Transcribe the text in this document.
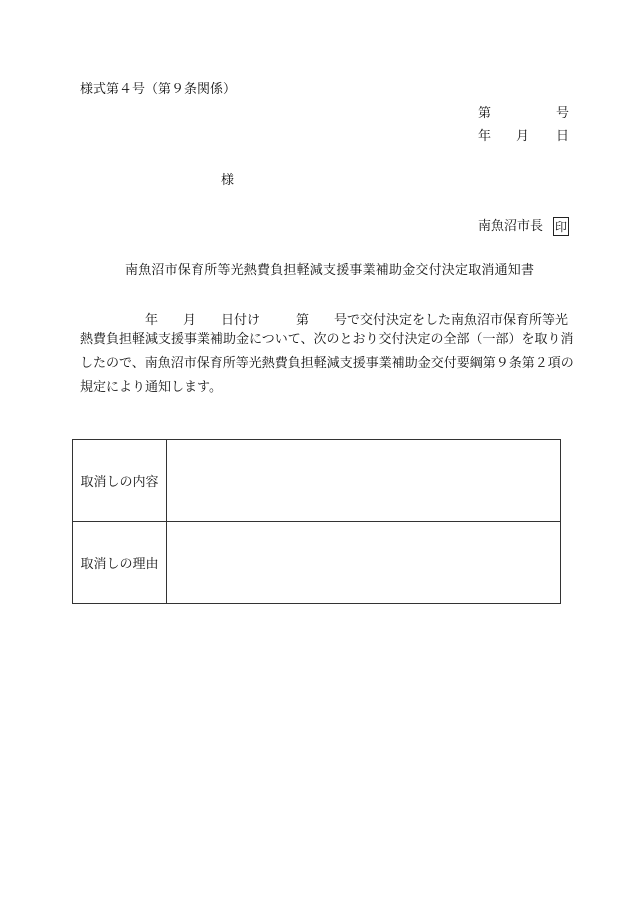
様式第４号（第９条関係）
第	号
年 月 日
様
南魚沼市長 印
南魚沼市保育所等光熱費負担軽減支援事業補助金交付決定取消通知書
年 月 日付け	第 号で交付決定をした南魚沼市保育所等光
熱費負担軽減支援事業補助金について、次のとおり交付決定の全部（一部）を取り消
したので、南魚沼市保育所等光熱費負担軽減支援事業補助金交付要綱第９条第２項の
規定により通知します。
取消しの内容	
取消しの理由	
